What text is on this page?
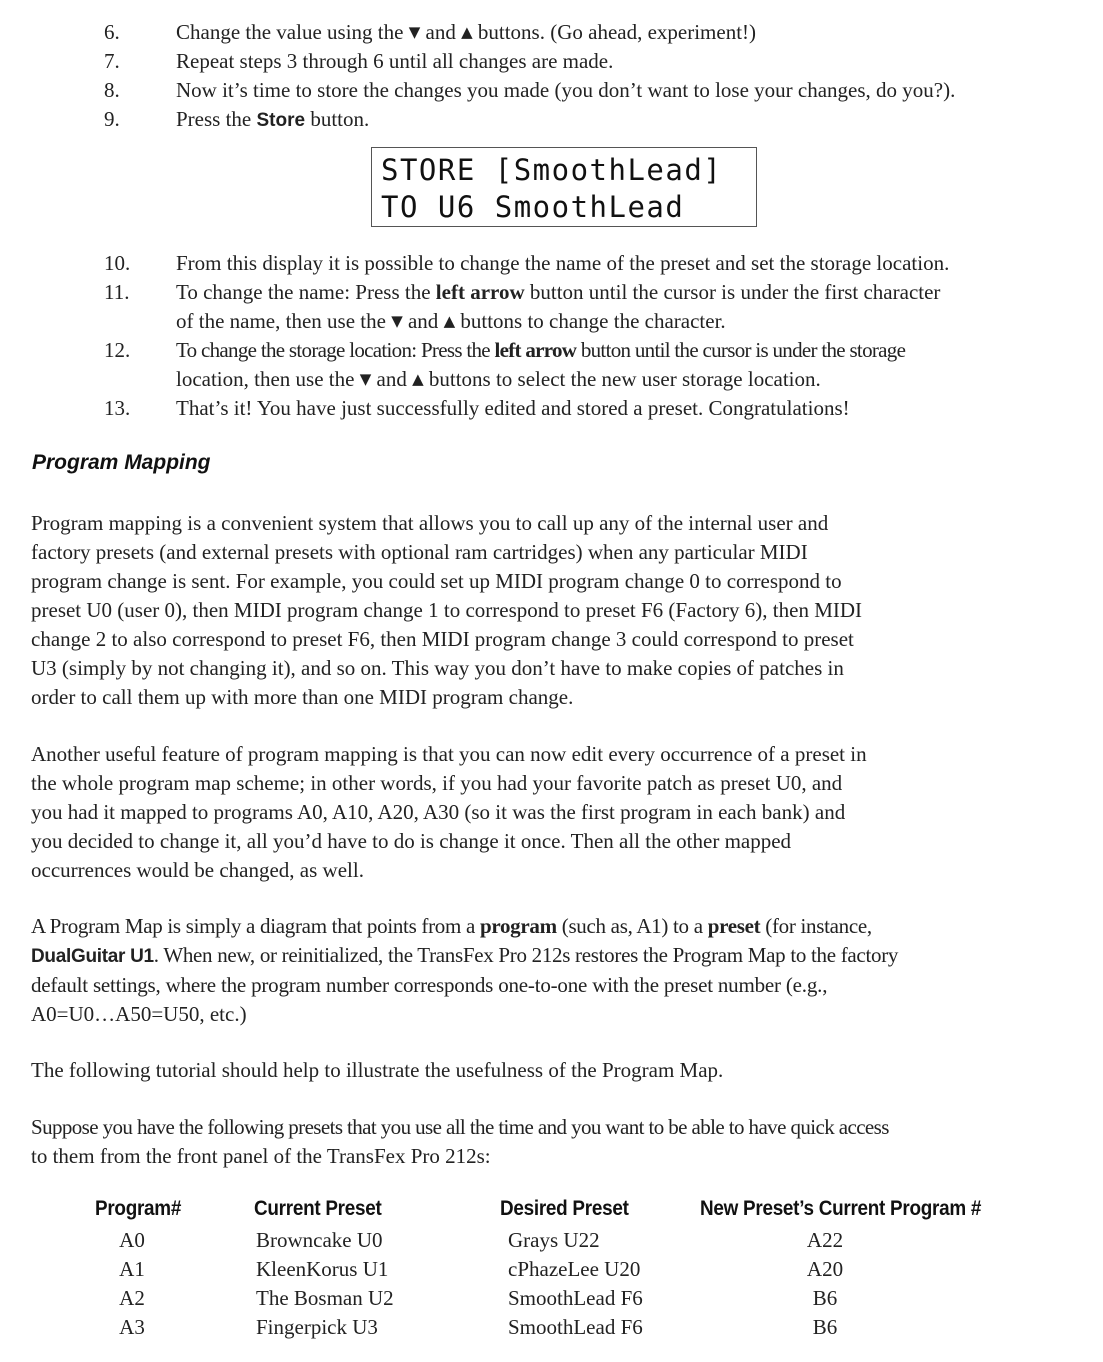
6.	Change the value using the ▼ and ▲ buttons. (Go ahead, experiment!)
7.	Repeat steps 3 through 6 until all changes are made.
8.	Now it’s time to store the changes you made (you don’t want to lose your changes, do you?).
9.	Press the Store button.
STORE [SmoothLead]
TO U6 SmoothLead
10. From this display it is possible to change the name of the preset and set the storage location.
11. To change the name: Press the left arrow button until the cursor is under the first character
of the name, then use the ▼ and ▲ buttons to change the character.
12. To change the storage location: Press the left arrow button until the cursor is under the storage
location, then use the ▼ and ▲ buttons to select the new user storage location.
13. That’s it! You have just successfully edited and stored a preset. Congratulations!
Program Mapping
Program mapping is a convenient system that allows you to call up any of the internal user and
factory presets (and external presets with optional ram cartridges) when any particular MIDI
program change is sent. For example, you could set up MIDI program change 0 to correspond to
preset U0 (user 0), then MIDI program change 1 to correspond to preset F6 (Factory 6), then MIDI
change 2 to also correspond to preset F6, then MIDI program change 3 could correspond to preset
U3 (simply by not changing it), and so on. This way you don’t have to make copies of patches in
order to call them up with more than one MIDI program change.
Another useful feature of program mapping is that you can now edit every occurrence of a preset in
the whole program map scheme; in other words, if you had your favorite patch as preset U0, and
you had it mapped to programs A0, A10, A20, A30 (so it was the first program in each bank) and
you decided to change it, all you’d have to do is change it once. Then all the other mapped
occurrences would be changed, as well.
A Program Map is simply a diagram that points from a program (such as, A1) to a preset (for instance,
DualGuitar U1. When new, or reinitialized, the TransFex Pro 212s restores the Program Map to the factory
default settings, where the program number corresponds one-to-one with the preset number (e.g.,
A0=U0…A50=U50, etc.)
The following tutorial should help to illustrate the usefulness of the Program Map.
Suppose you have the following presets that you use all the time and you want to be able to have quick access
to them from the front panel of the TransFex Pro 212s:
Program#	Current Preset	Desired Preset	New Preset’s Current Program #
A0	Browncake U0	Grays U22	A22
A1	KleenKorus U1	cPhazeLee U20	A20
A2	The Bosman U2	SmoothLead F6	B6
A3	Fingerpick U3	SmoothLead F6	B6
